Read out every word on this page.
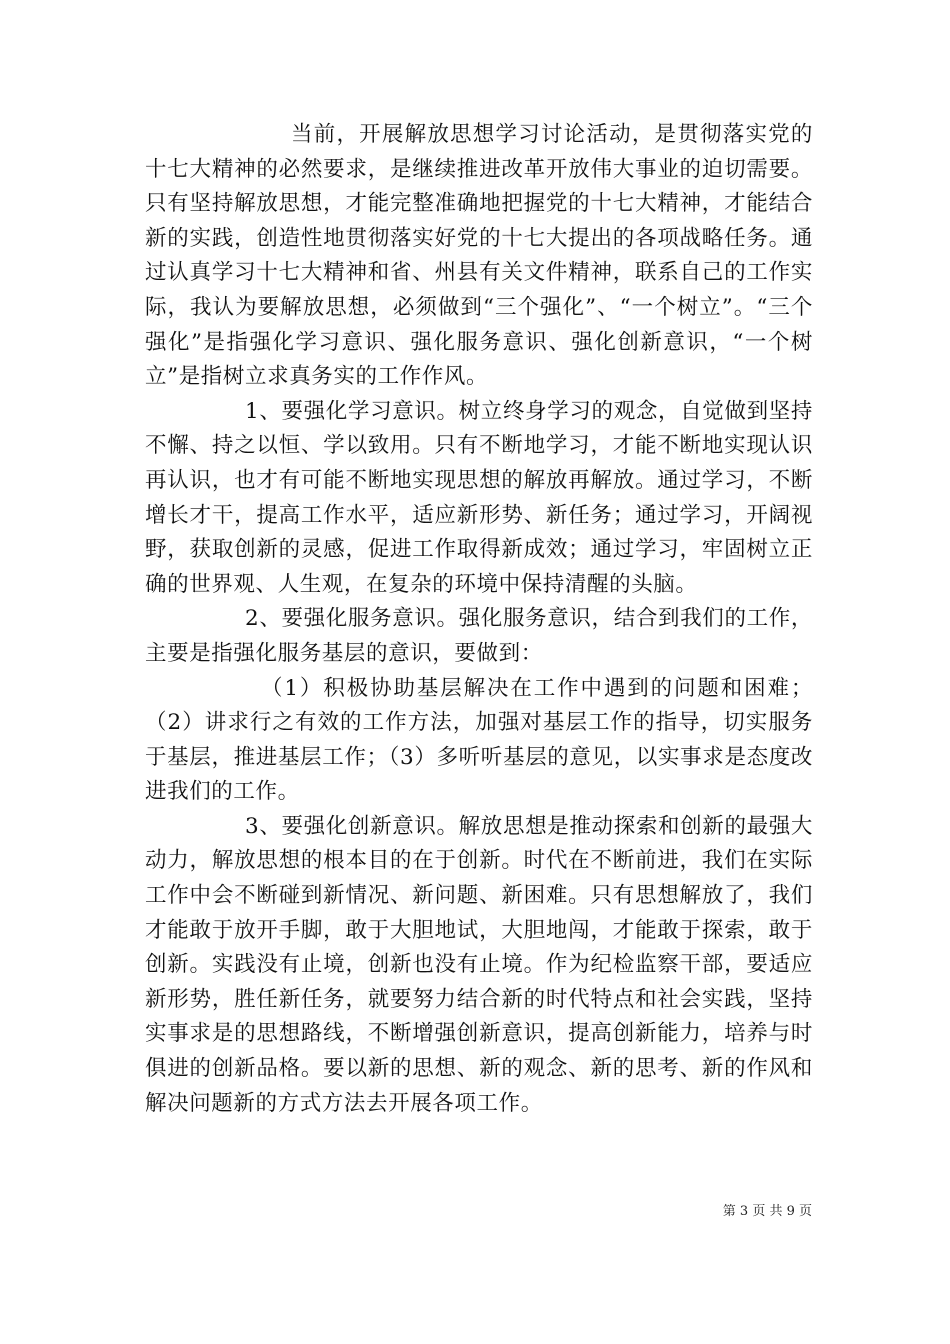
当前，开展解放思想学习讨论活动，是贯彻落实党的十七大精神的必然要求，是继续推进改革开放伟大事业的迫切需要。只有坚持解放思想，才能完整准确地把握党的十七大精神，才能结合新的实践，创造性地贯彻落实好党的十七大提出的各项战略任务。通过认真学习十七大精神和省、州县有关文件精神，联系自己的工作实际，我认为要解放思想，必须做到“三个强化”、“一个树立”。“三个强化”是指强化学习意识、强化服务意识、强化创新意识，“一个树立”是指树立求真务实的工作作风。

1、要强化学习意识。树立终身学习的观念，自觉做到坚持不懈、持之以恒、学以致用。只有不断地学习，才能不断地实现认识再认识，也才有可能不断地实现思想的解放再解放。通过学习，不断增长才干，提高工作水平，适应新形势、新任务；通过学习，开阔视野，获取创新的灵感，促进工作取得新成效；通过学习，牢固树立正确的世界观、人生观，在复杂的环境中保持清醒的头脑。

2、要强化服务意识。强化服务意识，结合到我们的工作，主要是指强化服务基层的意识，要做到：

（1）积极协助基层解决在工作中遇到的问题和困难；（2）讲求行之有效的工作方法，加强对基层工作的指导，切实服务于基层，推进基层工作；（3）多听听基层的意见，以实事求是态度改进我们的工作。

3、要强化创新意识。解放思想是推动探索和创新的最强大动力，解放思想的根本目的在于创新。时代在不断前进，我们在实际工作中会不断碰到新情况、新问题、新困难。只有思想解放了，我们才能敢于放开手脚，敢于大胆地试，大胆地闯，才能敢于探索，敢于创新。实践没有止境，创新也没有止境。作为纪检监察干部，要适应新形势，胜任新任务，就要努力结合新的时代特点和社会实践，坚持实事求是的思想路线，不断增强创新意识，提高创新能力，培养与时俱进的创新品格。要以新的思想、新的观念、新的思考、新的作风和解决问题新的方式方法去开展各项工作。

第 3 页 共 9 页
